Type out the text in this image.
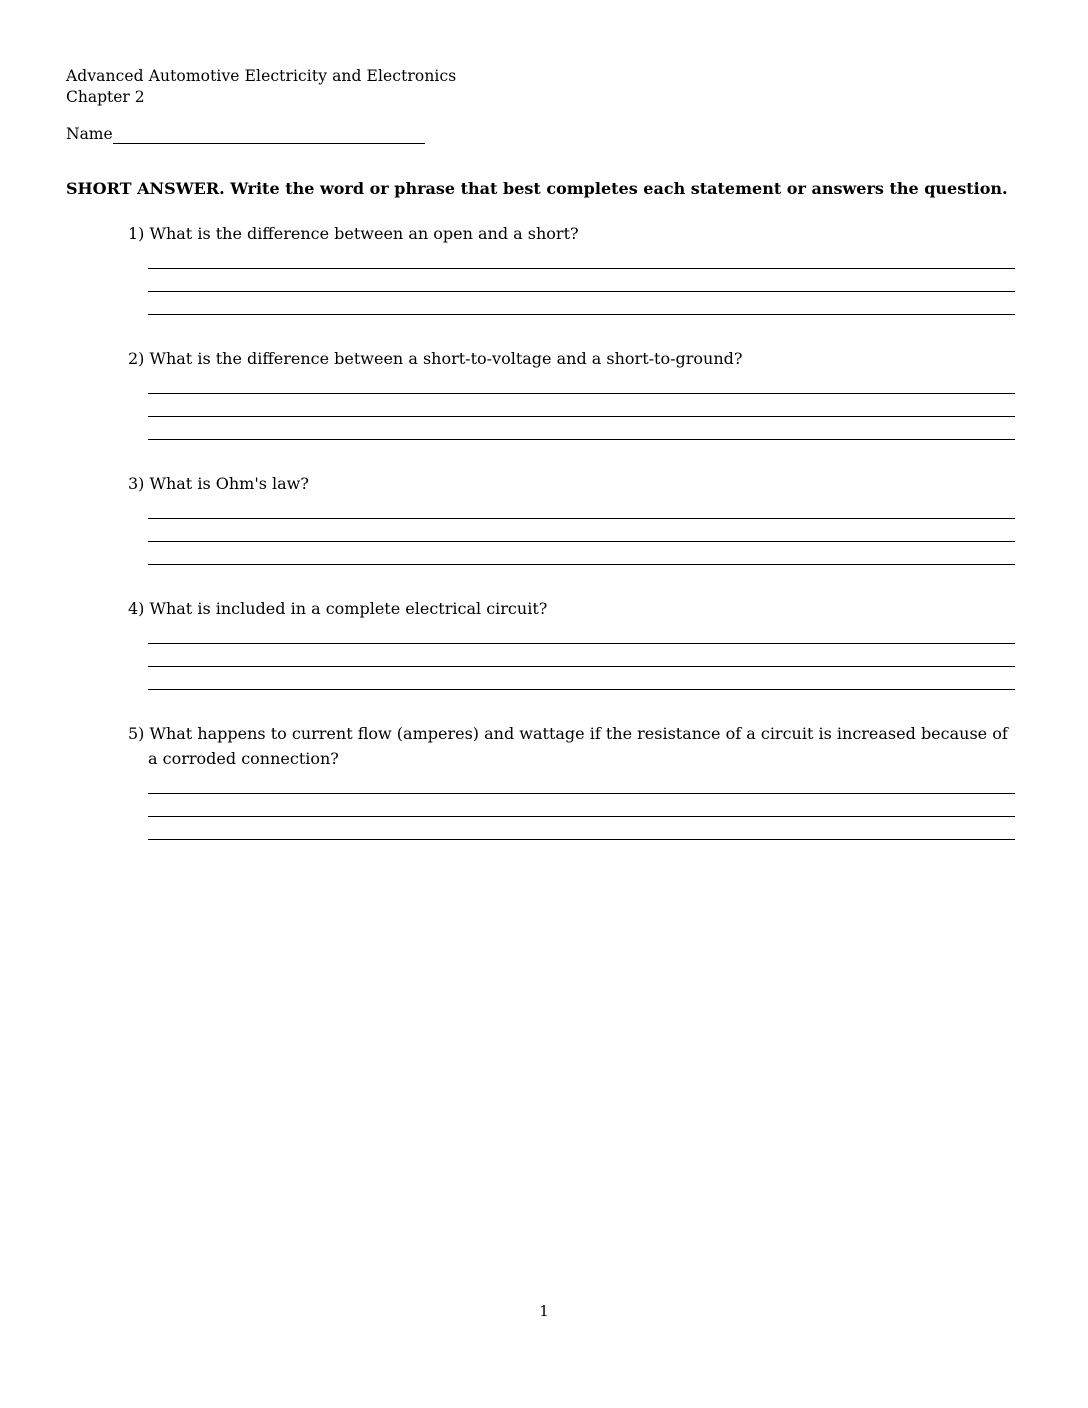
Advanced Automotive Electricity and Electronics
Chapter 2
Name
SHORT ANSWER. Write the word or phrase that best completes each statement or answers the question.
1) What is the difference between an open and a short?
2) What is the difference between a short-to-voltage and a short-to-ground?
3) What is Ohm's law?
4) What is included in a complete electrical circuit?
5) What happens to current flow (amperes) and wattage if the resistance of a circuit is increased because of a corroded connection?
1
